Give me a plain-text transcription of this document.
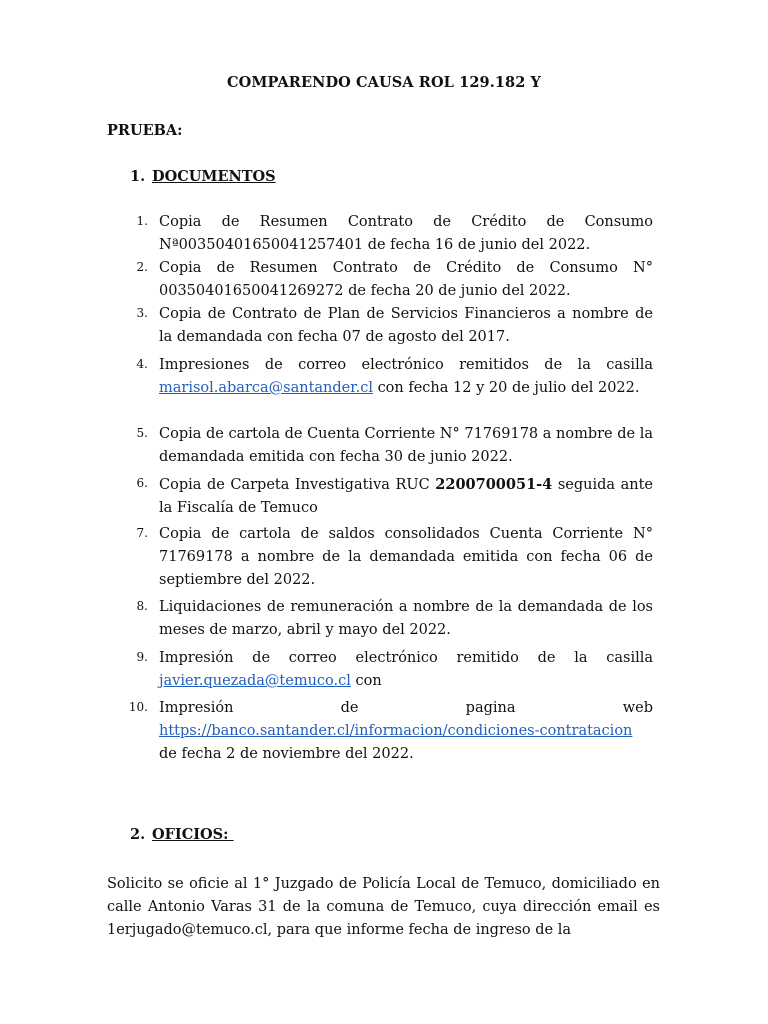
COMPARENDO CAUSA ROL 129.182 Y
PRUEBA:
1. DOCUMENTOS
1. Copia de Resumen Contrato de Crédito de Consumo Nª00350401650041257401 de fecha 16 de junio del 2022.
2. Copia de Resumen Contrato de Crédito de Consumo N° 00350401650041269272 de fecha 20 de junio del 2022.
3. Copia de Contrato de Plan de Servicios Financieros a nombre de la demandada con fecha 07 de agosto del 2017.
4. Impresiones de correo electrónico remitidos de la casilla marisol.abarca@santander.cl con fecha 12 y 20 de julio del 2022.
5. Copia de cartola de Cuenta Corriente N° 71769178 a nombre de la demandada emitida con fecha 30 de junio 2022.
6. Copia de Carpeta Investigativa RUC 2200700051-4 seguida ante la Fiscalía de Temuco
7. Copia de cartola de saldos consolidados Cuenta Corriente N° 71769178 a nombre de la demandada emitida con fecha 06 de septiembre del 2022.
8. Liquidaciones de remuneración a nombre de la demandada de los meses de marzo, abril y mayo del 2022.
9. Impresión de correo electrónico remitido de la casilla javier.quezada@temuco.cl con
10. Impresión	de	pagina	web
https://banco.santander.cl/informacion/condiciones-contratacion
de fecha 2 de noviembre del 2022.
2. OFICIOS:
Solicito se oficie al 1° Juzgado de Policía Local de Temuco, domiciliado en calle Antonio Varas 31 de la comuna de Temuco, cuya dirección email es 1erjugado@temuco.cl, para que informe fecha de ingreso de la
